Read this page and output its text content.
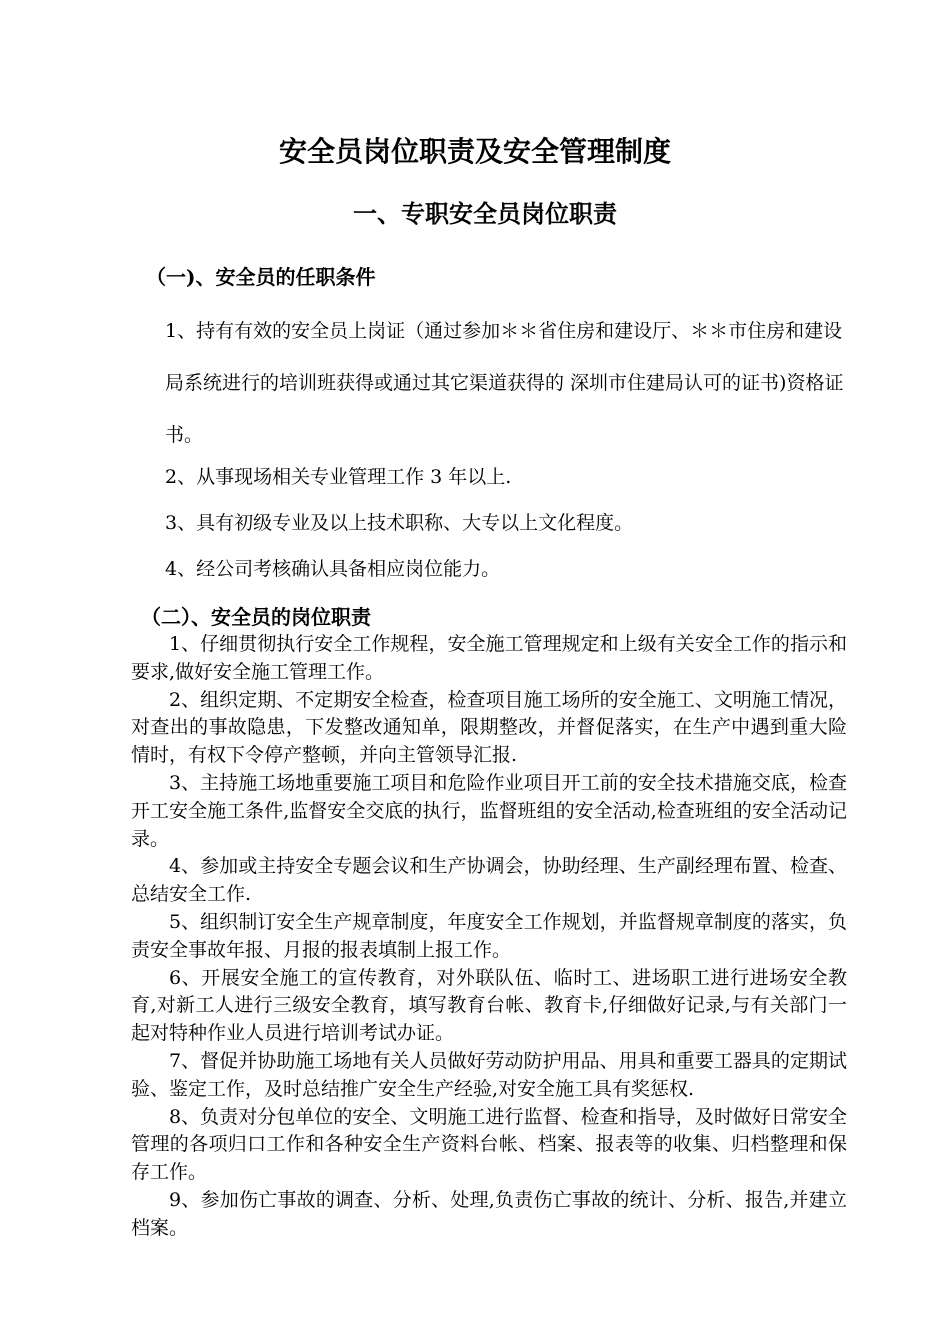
安全员岗位职责及安全管理制度
一、专职安全员岗位职责
（一)、安全员的任职条件
1、持有有效的安全员上岗证（通过参加＊＊省住房和建设厅、＊＊市住房和建设局系统进行的培训班获得或通过其它渠道获得的 深圳市住建局认可的证书)资格证书。
2、从事现场相关专业管理工作 3 年以上.
3、具有初级专业及以上技术职称、大专以上文化程度。
4、经公司考核确认具备相应岗位能力。
（二）、安全员的岗位职责

1、仔细贯彻执行安全工作规程，安全施工管理规定和上级有关安全工作的指示和要求,做好安全施工管理工作。

2、组织定期、不定期安全检查，检查项目施工场所的安全施工、文明施工情况，对查出的事故隐患，下发整改通知单，限期整改，并督促落实，在生产中遇到重大险情时，有权下令停产整顿，并向主管领导汇报.

3、主持施工场地重要施工项目和危险作业项目开工前的安全技术措施交底，检查开工安全施工条件,监督安全交底的执行，监督班组的安全活动,检查班组的安全活动记录。

4、参加或主持安全专题会议和生产协调会，协助经理、生产副经理布置、检查、总结安全工作.

5、组织制订安全生产规章制度，年度安全工作规划，并监督规章制度的落实，负责安全事故年报、月报的报表填制上报工作。

6、开展安全施工的宣传教育，对外联队伍、临时工、进场职工进行进场安全教育,对新工人进行三级安全教育，填写教育台帐、教育卡,仔细做好记录,与有关部门一起对特种作业人员进行培训考试办证。

7、督促并协助施工场地有关人员做好劳动防护用品、用具和重要工器具的定期试验、鉴定工作，及时总结推广安全生产经验,对安全施工具有奖惩权.

8、负责对分包单位的安全、文明施工进行监督、检查和指导，及时做好日常安全管理的各项归口工作和各种安全生产资料台帐、档案、报表等的收集、归档整理和保存工作。

9、参加伤亡事故的调查、分析、处理,负责伤亡事故的统计、分析、报告,并建立档案。
